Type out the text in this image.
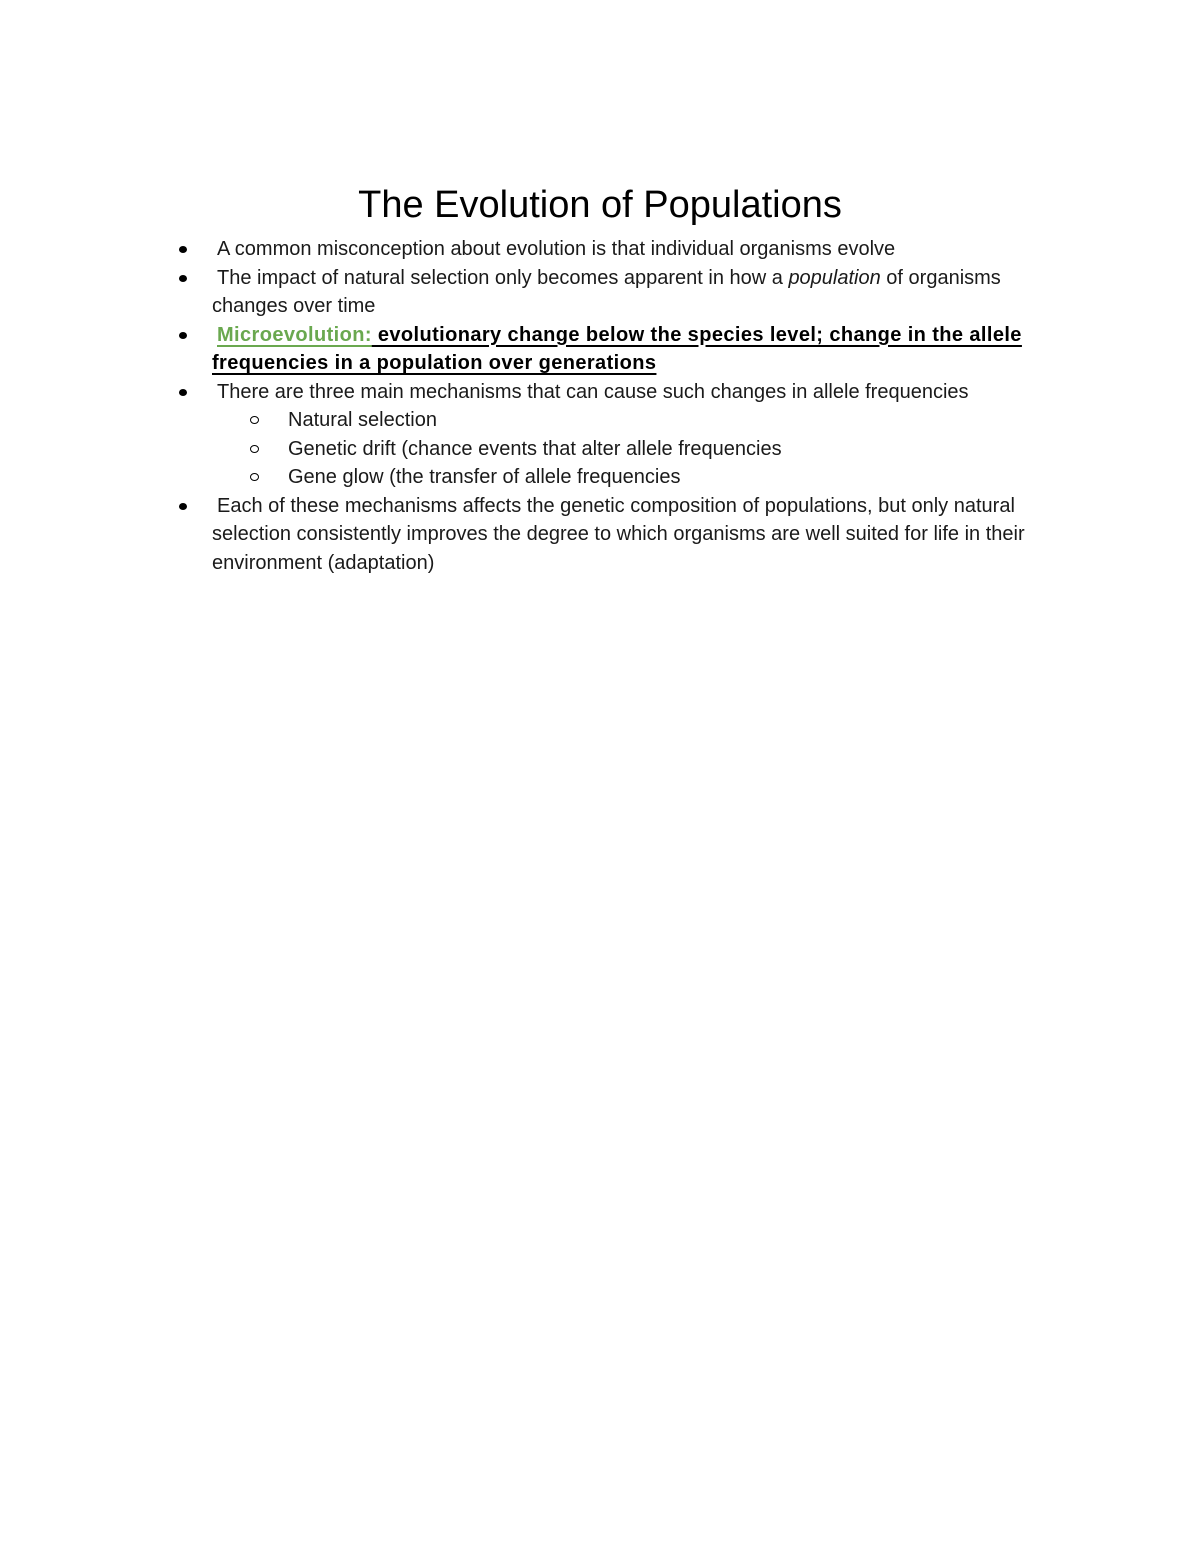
The Evolution of Populations
A common misconception about evolution is that individual organisms evolve
The impact of natural selection only becomes apparent in how a population of organisms changes over time
Microevolution: evolutionary change below the species level; change in the allele frequencies in a population over generations
There are three main mechanisms that can cause such changes in allele frequencies
Natural selection
Genetic drift (chance events that alter allele frequencies
Gene glow (the transfer of allele frequencies
Each of these mechanisms affects the genetic composition of populations, but only natural selection consistently improves the degree to which organisms are well suited for life in their environment (adaptation)
